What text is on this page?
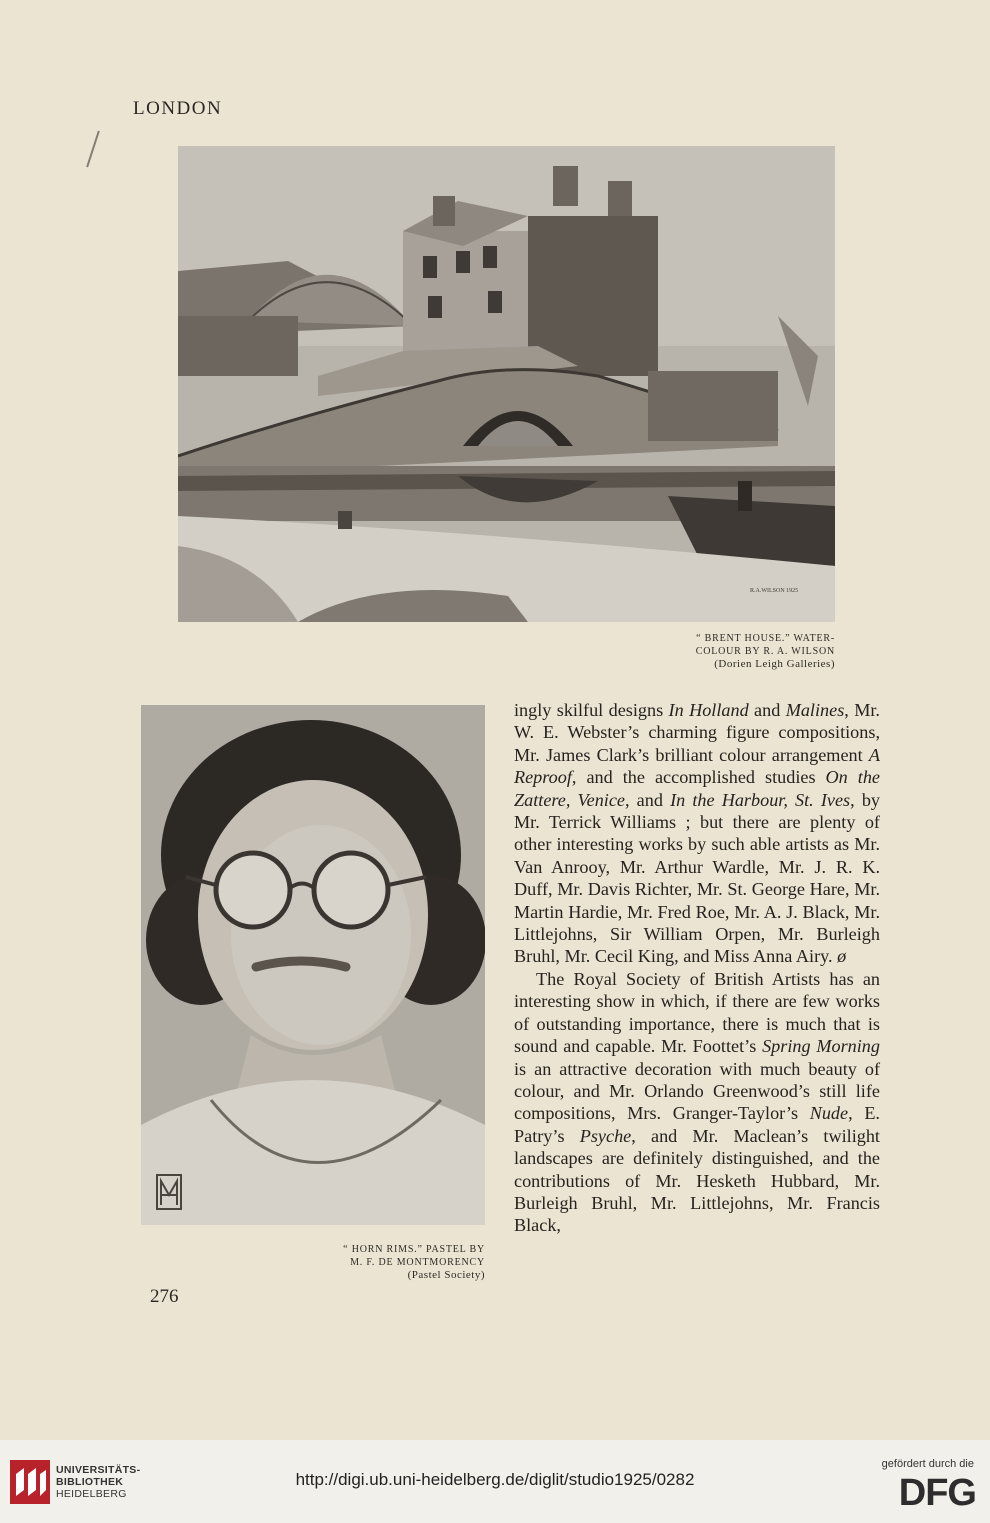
LONDON
R.A.WILSON 1925
“ BRENT HOUSE.” WATER-
COLOUR BY R. A. WILSON
(Dorien Leigh Galleries)
“ HORN RIMS.” PASTEL BY
M. F. DE MONTMORENCY
(Pastel Society)

ingly skilful designs In Holland and Malines, Mr. W. E. Webster’s charming figure compositions, Mr. James Clark’s brilliant colour arrangement A Reproof, and the accomplished studies On the Zattere, Venice, and In the Harbour, St. Ives, by Mr. Terrick Williams ; but there are plenty of other interesting works by such able artists as Mr. Van Anrooy, Mr. Arthur Wardle, Mr. J. R. K. Duff, Mr. Davis Richter, Mr. St. George Hare, Mr. Martin Hardie, Mr. Fred Roe, Mr. A. J. Black, Mr. Littlejohns, Sir William Orpen, Mr. Burleigh Bruhl, Mr. Cecil King, and Miss Anna Airy. ø

The Royal Society of British Artists has an interesting show in which, if there are few works of outstanding importance, there is much that is sound and capable. Mr. Foottet’s Spring Morning is an attractive decoration with much beauty of colour, and Mr. Orlando Greenwood’s still life compositions, Mrs. Granger-Taylor’s Nude, E. Patry’s Psyche, and Mr. Maclean’s twilight landscapes are definitely distinguished, and the contributions of Mr. Hesketh Hubbard, Mr. Burleigh Bruhl, Mr. Littlejohns, Mr. Francis Black,

276
UNIVERSITÄTS-
BIBLIOTHEK
HEIDELBERG
http://digi.ub.uni-heidelberg.de/diglit/studio1925/0282
gefördert durch die
DFG
